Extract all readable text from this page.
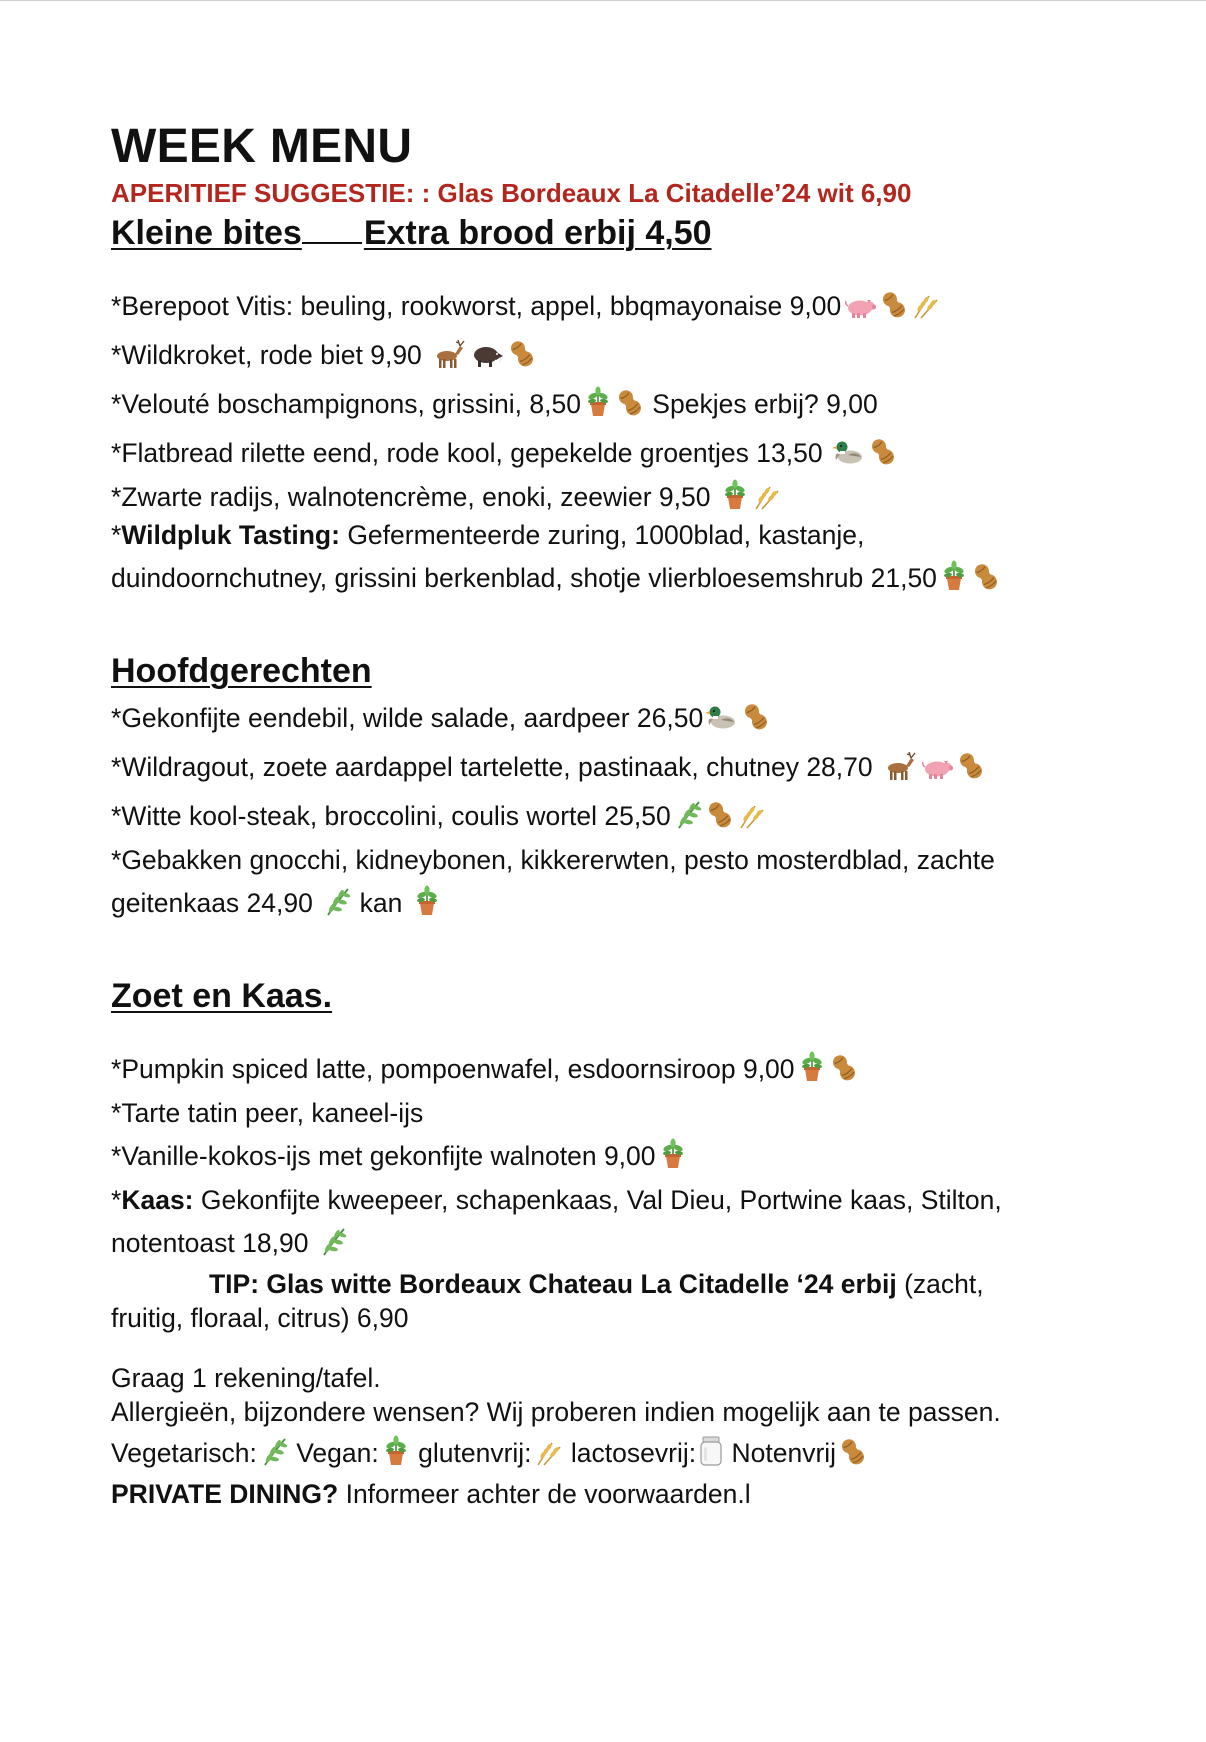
WEEK MENU

APERITIEF SUGGESTIE: : Glas Bordeaux La Citadelle’24 wit 6,90

Kleine bites Extra brood erbij 4,50

*Berepoot Vitis: beuling, rookworst, appel, bbqmayonaise 9,00

*Wildkroket, rode biet 9,90

*Velouté boschampignons, grissini, 8,50
Spekjes erbij? 9,00

*Flatbread rilette eend, rode kool, gepekelde groentjes 13,50

*Zwarte radijs, walnotencrème, enoki, zeewier 9,50

*Wildpluk Tasting: Gefermenteerde zuring, 1000blad, kastanje,
duindoornchutney, grissini berkenblad, shotje vlierbloesemshrub 21,50

Hoofdgerechten

*Gekonfijte eendebil, wilde salade, aardpeer 26,50

*Wildragout, zoete aardappel tartelette, pastinaak, chutney 28,70

*Witte kool-steak, broccolini, coulis wortel 25,50

*Gebakken gnocchi, kidneybonen, kikkererwten, pesto mosterdblad, zachte
geitenkaas 24,90
kan

Zoet en Kaas.

*Pumpkin spiced latte, pompoenwafel, esdoornsiroop 9,00

*Tarte tatin peer, kaneel-ijs

*Vanille-kokos-ijs met gekonfijte walnoten 9,00

*Kaas: Gekonfijte kweepeer, schapenkaas, Val Dieu, Portwine kaas, Stilton,
notentoast 18,90

TIP: Glas witte Bordeaux Chateau La Citadelle ‘24 erbij (zacht,
fruitig, floraal, citrus) 6,90

Graag 1 rekening/tafel.

Allergieën, bijzondere wensen? Wij proberen indien mogelijk aan te passen.

Vegetarisch:
Vegan:
glutenvrij:
lactosevrij:
Notenvrij

PRIVATE DINING? Informeer achter de voorwaarden.l
